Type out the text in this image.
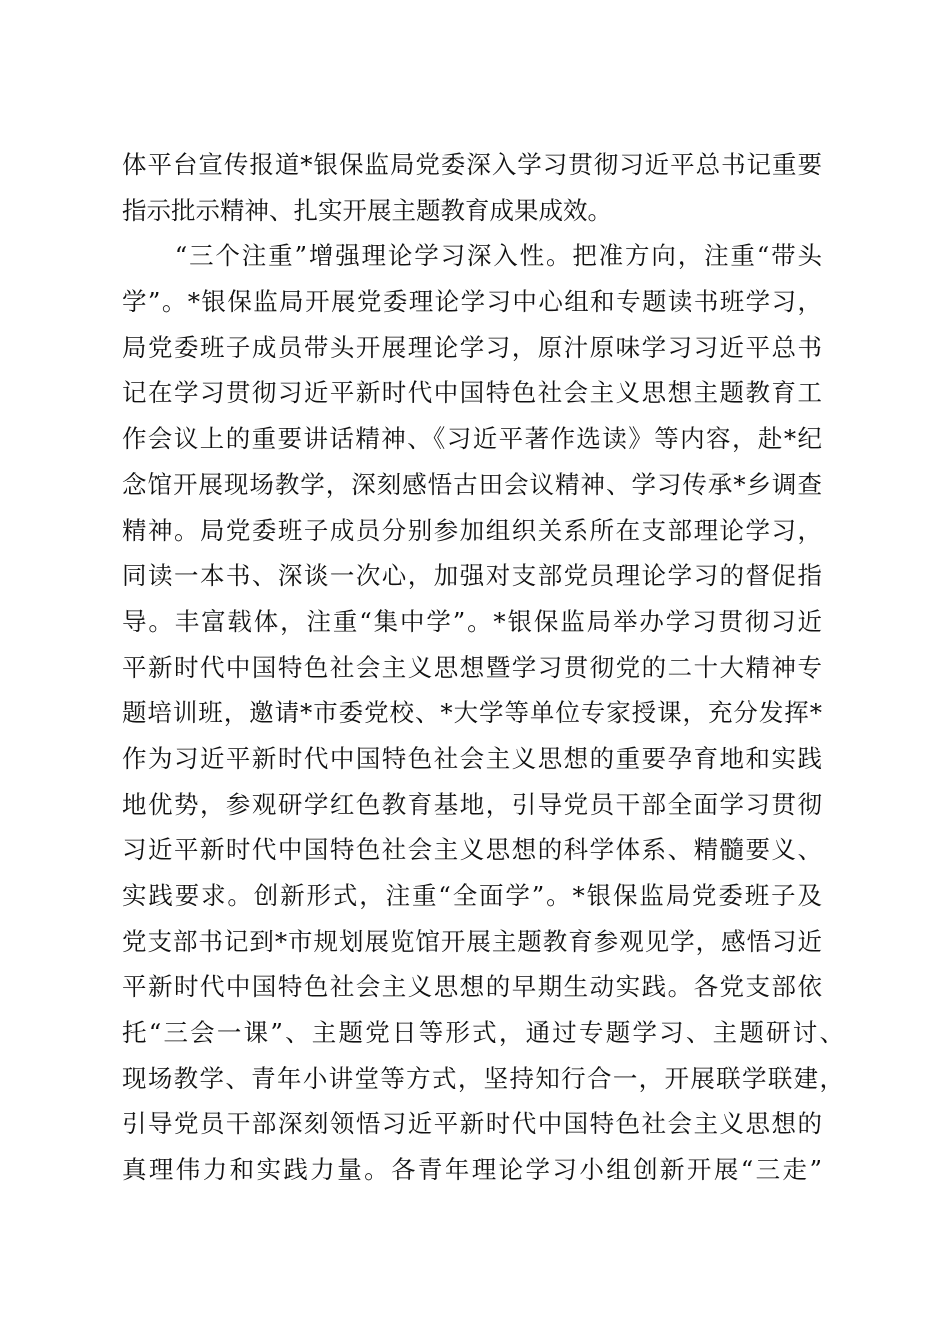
体平台宣传报道*银保监局党委深入学习贯彻习近平总书记重要
指示批示精神、扎实开展主题教育成果成效。
　　“三个注重”增强理论学习深入性。把准方向，注重“带头
学”。*银保监局开展党委理论学习中心组和专题读书班学习，
局党委班子成员带头开展理论学习，原汁原味学习习近平总书
记在学习贯彻习近平新时代中国特色社会主义思想主题教育工
作会议上的重要讲话精神、《习近平著作选读》等内容，赴*纪
念馆开展现场教学，深刻感悟古田会议精神、学习传承*乡调查
精神。局党委班子成员分别参加组织关系所在支部理论学习，
同读一本书、深谈一次心，加强对支部党员理论学习的督促指
导。丰富载体，注重“集中学”。*银保监局举办学习贯彻习近
平新时代中国特色社会主义思想暨学习贯彻党的二十大精神专
题培训班，邀请*市委党校、*大学等单位专家授课，充分发挥*
作为习近平新时代中国特色社会主义思想的重要孕育地和实践
地优势，参观研学红色教育基地，引导党员干部全面学习贯彻
习近平新时代中国特色社会主义思想的科学体系、精髓要义、
实践要求。创新形式，注重“全面学”。*银保监局党委班子及
党支部书记到*市规划展览馆开展主题教育参观见学，感悟习近
平新时代中国特色社会主义思想的早期生动实践。各党支部依
托“三会一课”、主题党日等形式，通过专题学习、主题研讨、
现场教学、青年小讲堂等方式，坚持知行合一，开展联学联建，
引导党员干部深刻领悟习近平新时代中国特色社会主义思想的
真理伟力和实践力量。各青年理论学习小组创新开展“三走”
